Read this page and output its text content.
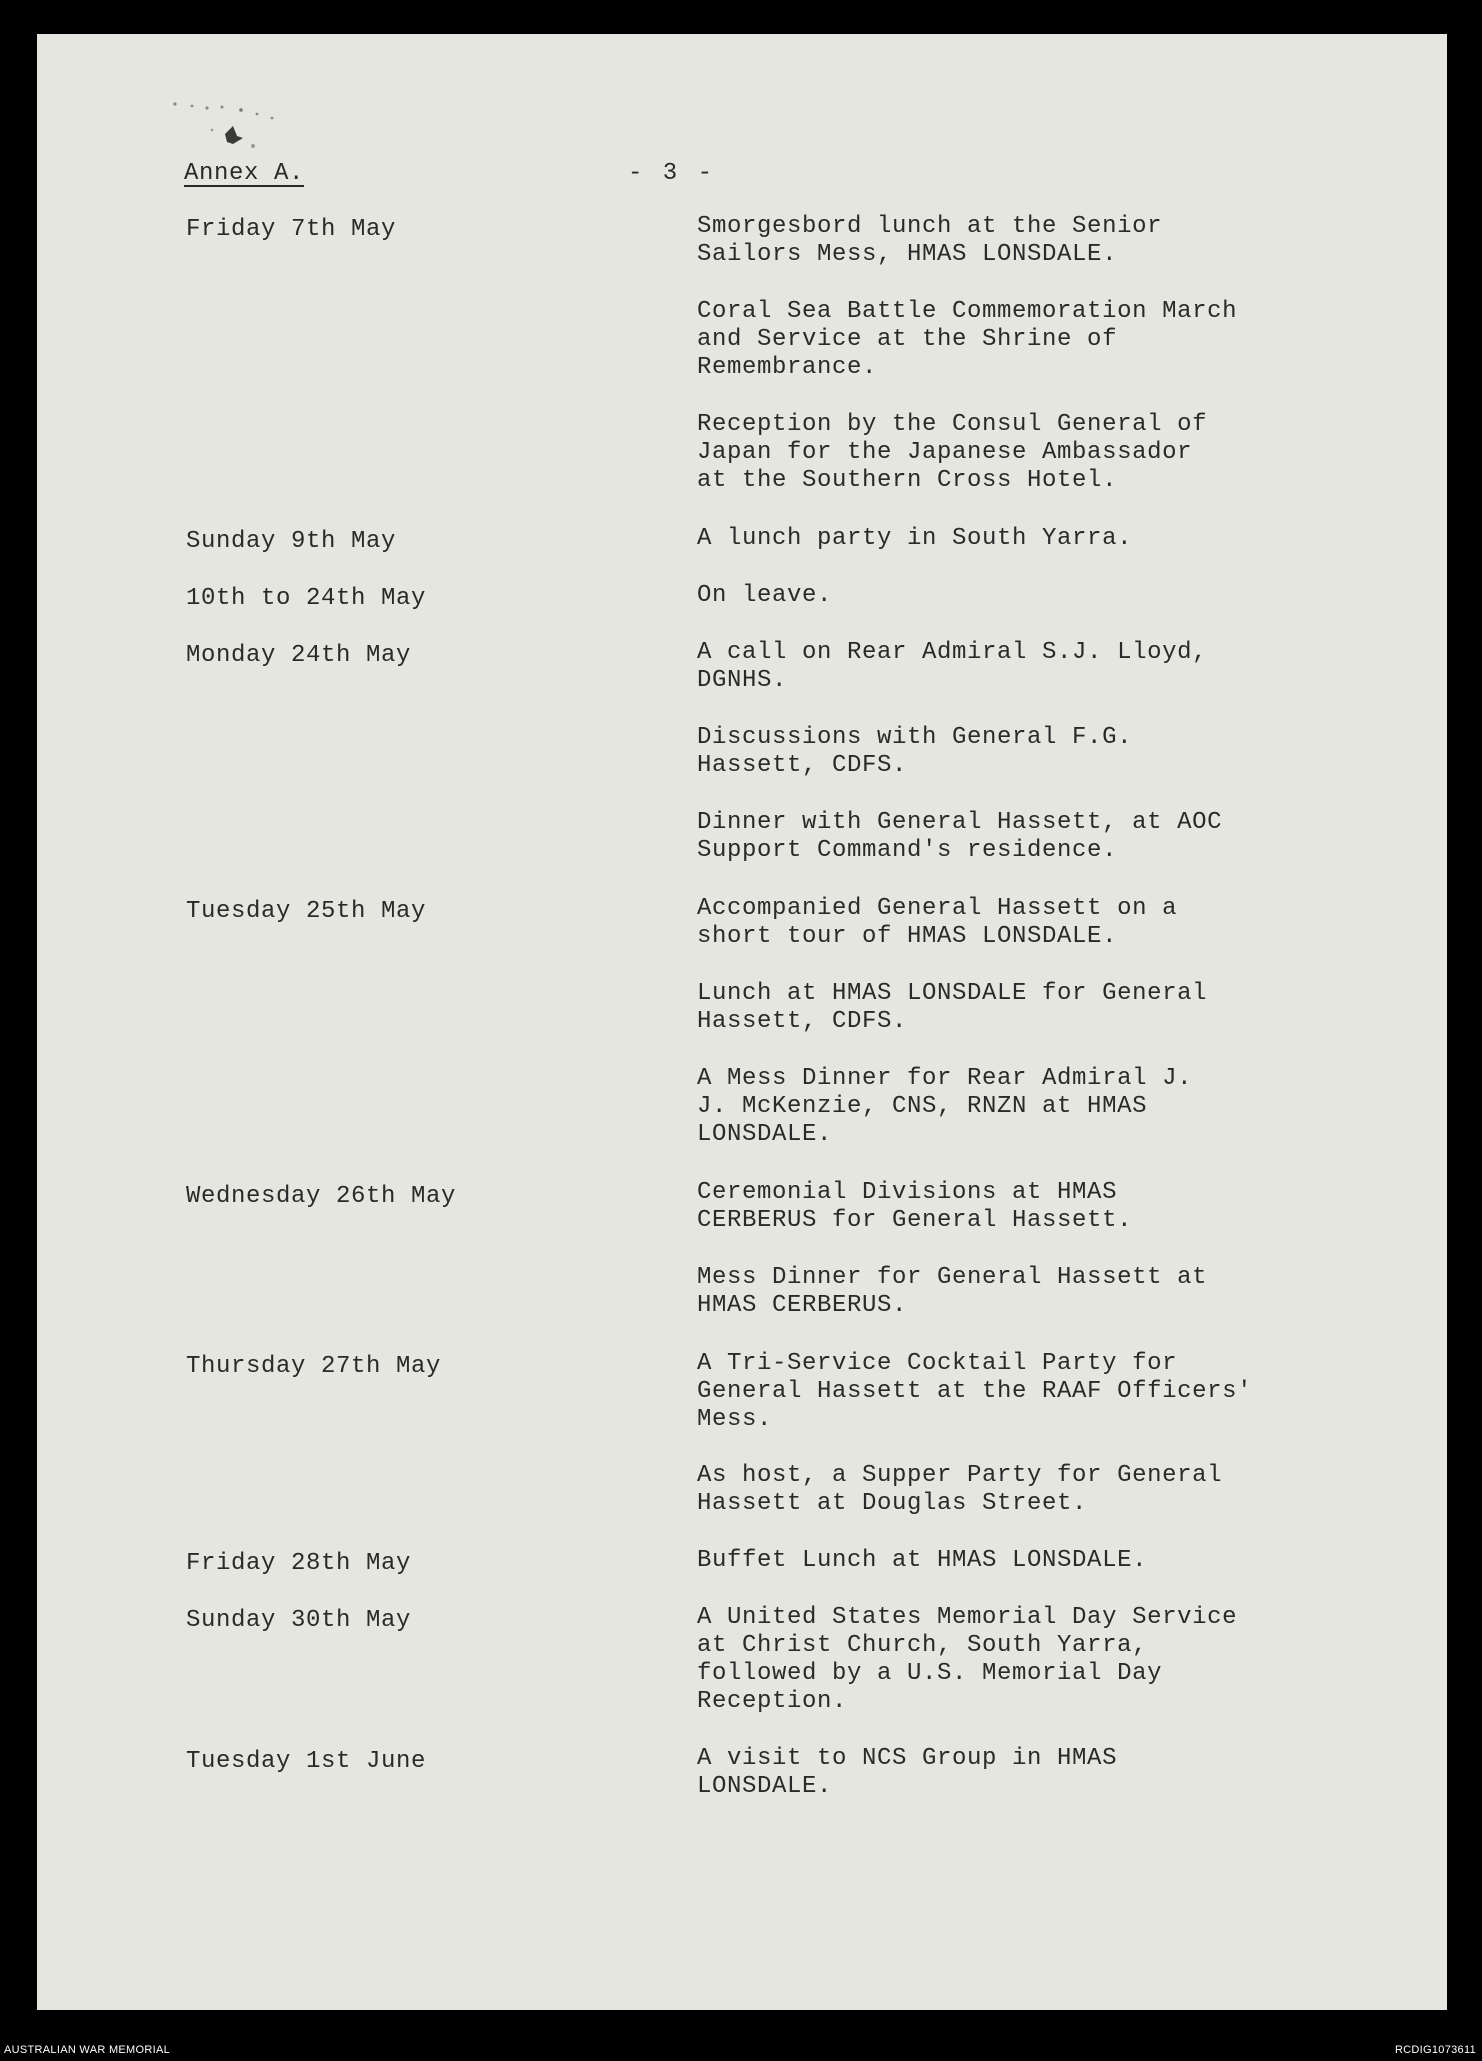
Annex A.	- 3 -
Friday 7th May	Smorgesbord lunch at the Senior
Sailors Mess, HMAS LONSDALE.
Coral Sea Battle Commemoration March
and Service at the Shrine of
Remembrance.
Reception by the Consul General of
Japan for the Japanese Ambassador
at the Southern Cross Hotel.
Sunday 9th May	A lunch party in South Yarra.
10th to 24th May	On leave.
Monday 24th May	A call on Rear Admiral S.J. Lloyd,
DGNHS.
Discussions with General F.G.
Hassett, CDFS.
Dinner with General Hassett, at AOC
Support Command's residence.
Tuesday 25th May	Accompanied General Hassett on a
short tour of HMAS LONSDALE.
Lunch at HMAS LONSDALE for General
Hassett, CDFS.
A Mess Dinner for Rear Admiral J.
J. McKenzie, CNS, RNZN at HMAS
LONSDALE.
Wednesday 26th May	Ceremonial Divisions at HMAS
CERBERUS for General Hassett.
Mess Dinner for General Hassett at
HMAS CERBERUS.
Thursday 27th May	A Tri-Service Cocktail Party for
General Hassett at the RAAF Officers'
Mess.
As host, a Supper Party for General
Hassett at Douglas Street.
Friday 28th May	Buffet Lunch at HMAS LONSDALE.
Sunday 30th May	A United States Memorial Day Service
at Christ Church, South Yarra,
followed by a U.S. Memorial Day
Reception.
Tuesday 1st June	A visit to NCS Group in HMAS
LONSDALE.
AUSTRALIAN WAR MEMORIAL	RCDIG1073611
